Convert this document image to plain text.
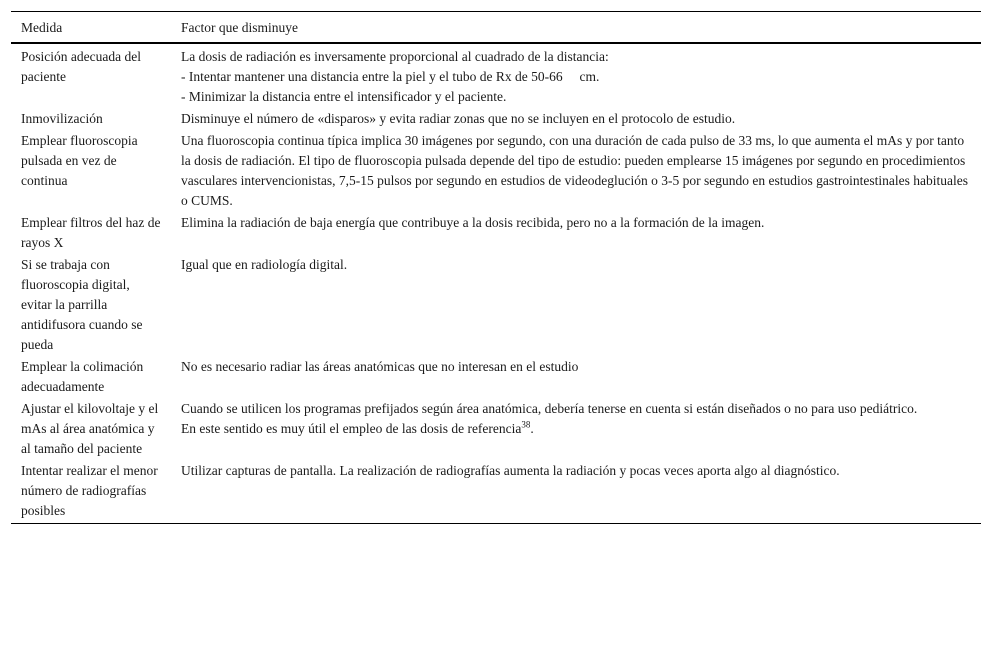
Medida	Factor que disminuye
Posición adecuada del paciente	La dosis de radiación es inversamente proporcional al cuadrado de la distancia:
- Intentar mantener una distancia entre la piel y el tubo de Rx de 50-66  cm.
- Minimizar la distancia entre el intensificador y el paciente.

Inmovilización	Disminuye el número de «disparos» y evita radiar zonas que no se incluyen en el protocolo de estudio.

Emplear fluoroscopia pulsada en vez de continua	Una fluoroscopia continua típica implica 30 imágenes por segundo, con una duración de cada pulso de 33 ms, lo que aumenta el mAs y por tanto la dosis de radiación. El tipo de fluoroscopia pulsada depende del tipo de estudio: pueden emplearse 15 imágenes por segundo en procedimientos vasculares intervencionistas, 7,5-15 pulsos por segundo en estudios de videodeglución o 3-5 por segundo en estudios gastrointestinales habituales o CUMS.

Emplear filtros del haz de rayos X	Elimina la radiación de baja energía que contribuye a la dosis recibida, pero no a la formación de la imagen.

Si se trabaja con fluoroscopia digital, evitar la parrilla antidifusora cuando se pueda	Igual que en radiología digital.

Emplear la colimación adecuadamente	No es necesario radiar las áreas anatómicas que no interesan en el estudio

Ajustar el kilovoltaje y el mAs al área anatómica y al tamaño del paciente	Cuando se utilicen los programas prefijados según área anatómica, debería tenerse en cuenta si están diseñados o no para uso pediátrico.
En este sentido es muy útil el empleo de las dosis de referencia$^{38}$.

Intentar realizar el menor número de radiografías posibles	Utilizar capturas de pantalla. La realización de radiografías aumenta la radiación y pocas veces aporta algo al diagnóstico.
